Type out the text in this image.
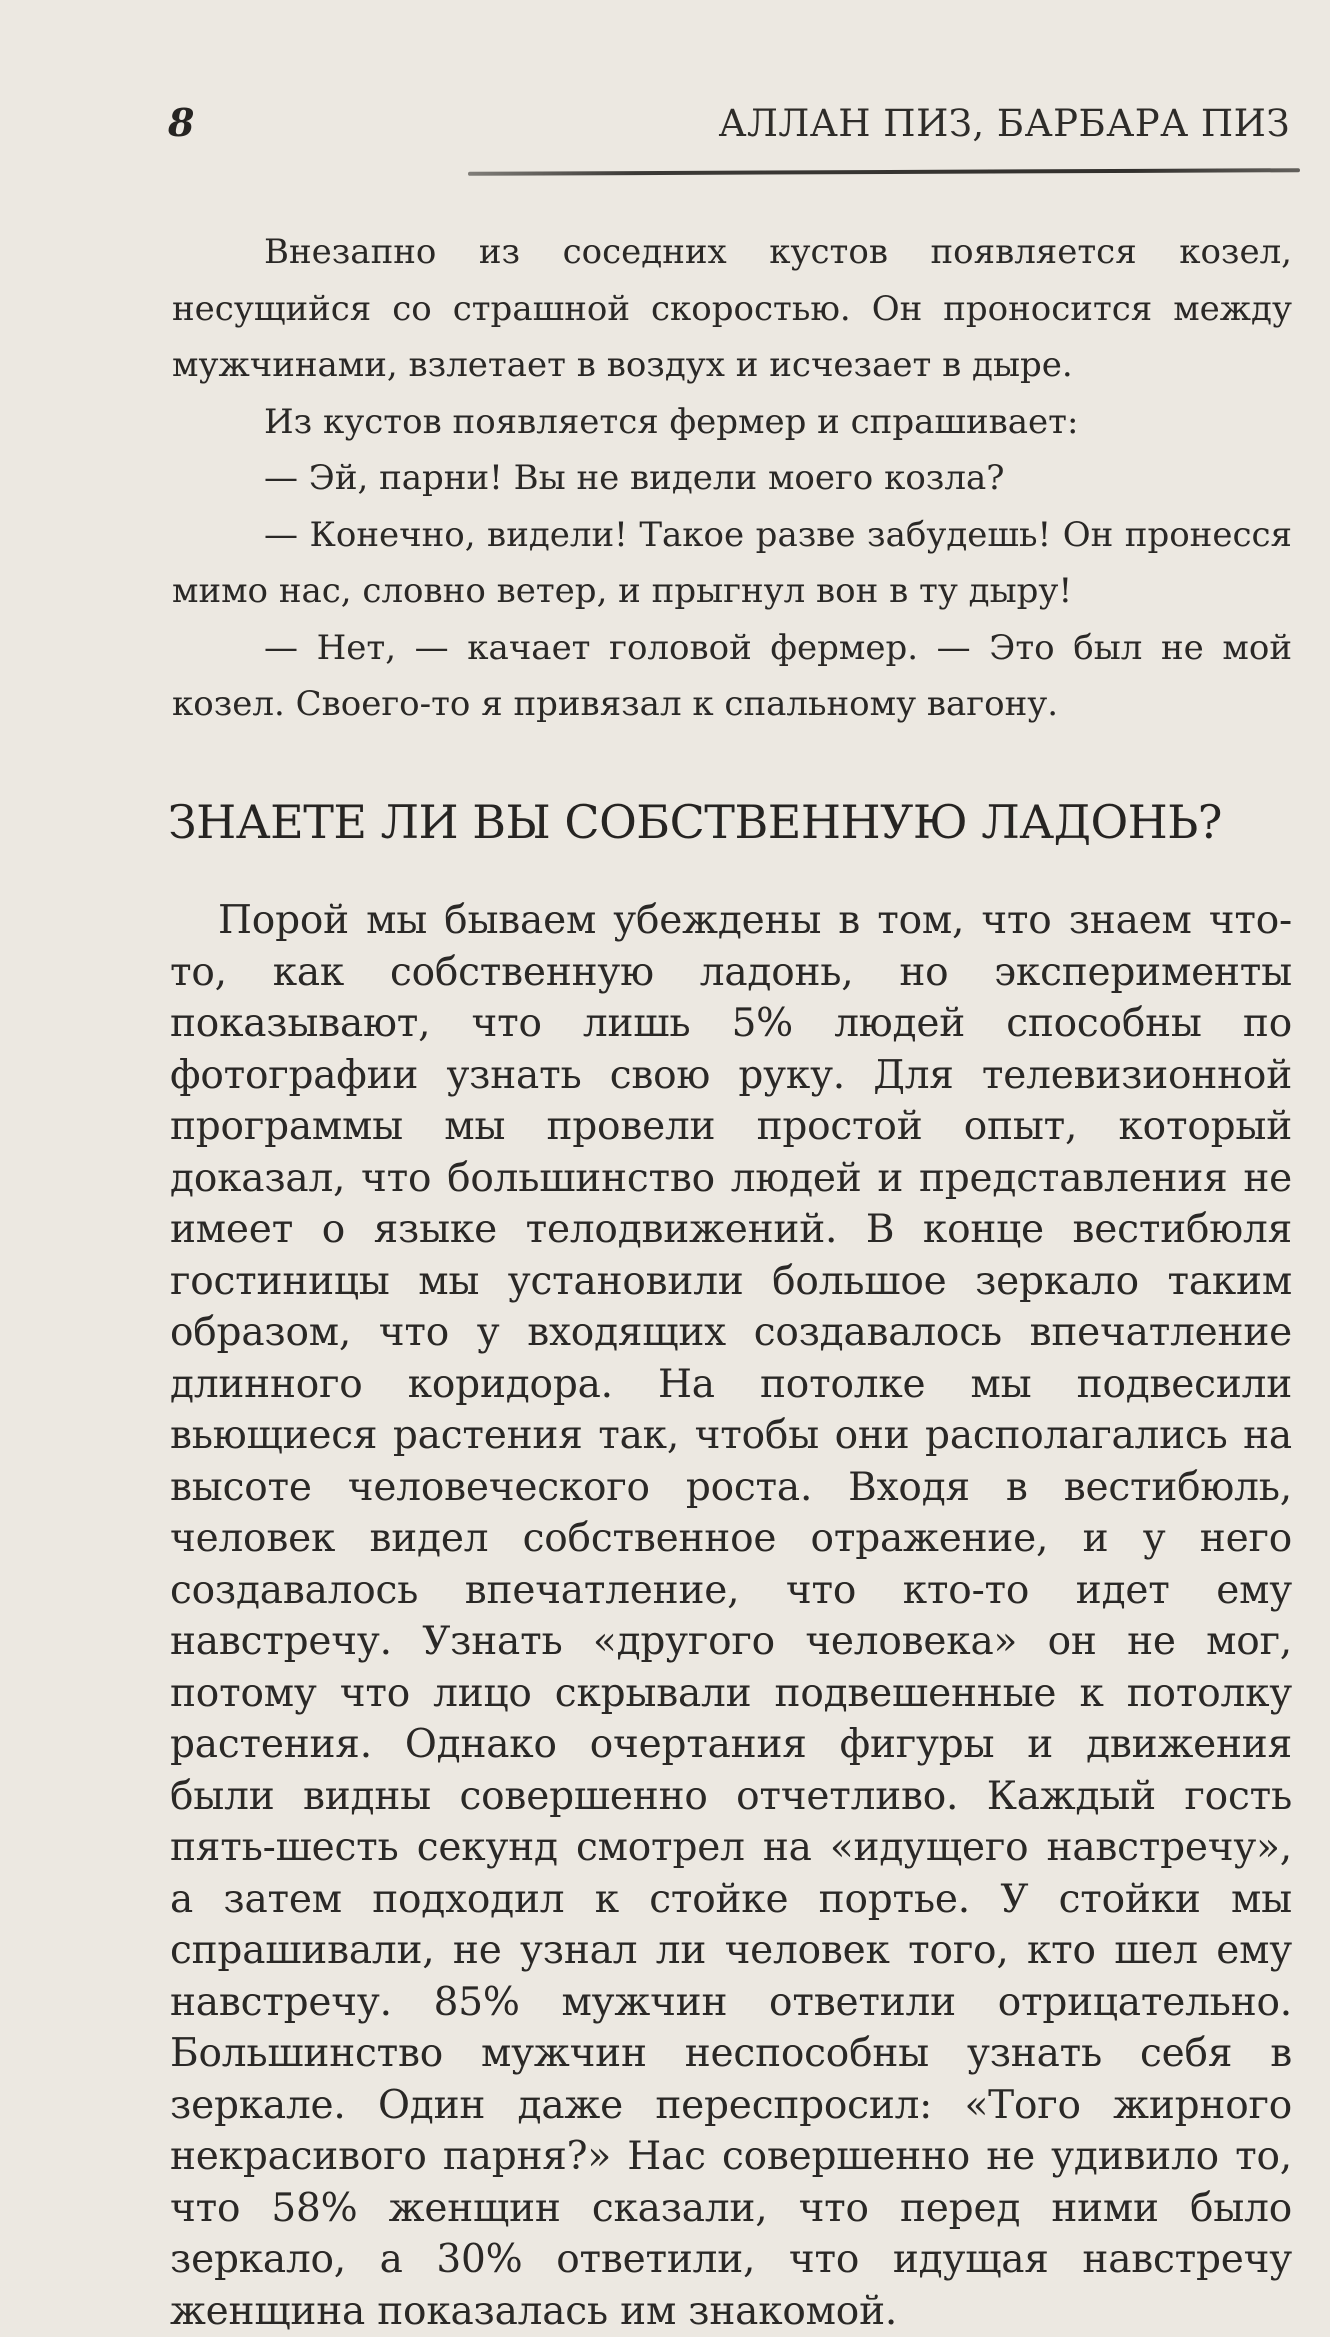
8	АЛЛАН ПИЗ, БАРБАРА ПИЗ

Внезапно из соседних кустов появляется козел, несущийся со страшной скоростью. Он проносится между мужчинами, взлетает в воздух и исчезает в дыре.

Из кустов появляется фермер и спрашивает:

— Эй, парни! Вы не видели моего козла?

— Конечно, видели! Такое разве забудешь! Он пронесся мимо нас, словно ветер, и прыгнул вон в ту дыру!

— Нет, — качает головой фермер. — Это был не мой козел. Своего-то я привязал к спальному вагону.

ЗНАЕТЕ ЛИ ВЫ СОБСТВЕННУЮ ЛАДОНЬ?

Порой мы бываем убеждены в том, что знаем что-то, как собственную ладонь, но эксперименты показывают, что лишь 5% людей способны по фотографии узнать свою руку. Для телевизионной программы мы провели простой опыт, который доказал, что большинство людей и представления не имеет о языке телодвижений. В конце вестибюля гостиницы мы установили большое зеркало таким образом, что у входящих создавалось впечатление длинного коридора. На потолке мы подвесили вьющиеся растения так, чтобы они располагались на высоте человеческого роста. Входя в вестибюль, человек видел собственное отражение, и у него создавалось впечатление, что кто-то идет ему навстречу. Узнать «другого человека» он не мог, потому что лицо скрывали подвешенные к потолку растения. Однако очертания фигуры и движения были видны совершенно отчетливо. Каждый гость пять-шесть секунд смотрел на «идущего навстречу», а затем подходил к стойке портье. У стойки мы спрашивали, не узнал ли человек того, кто шел ему навстречу. 85% мужчин ответили отрицательно. Большинство мужчин неспособны узнать себя в зеркале. Один даже переспросил: «Того жирного некрасивого парня?» Нас совершенно не удивило то, что 58% женщин сказали, что перед ними было зеркало, а 30% ответили, что идущая навстречу женщина показалась им знакомой.
